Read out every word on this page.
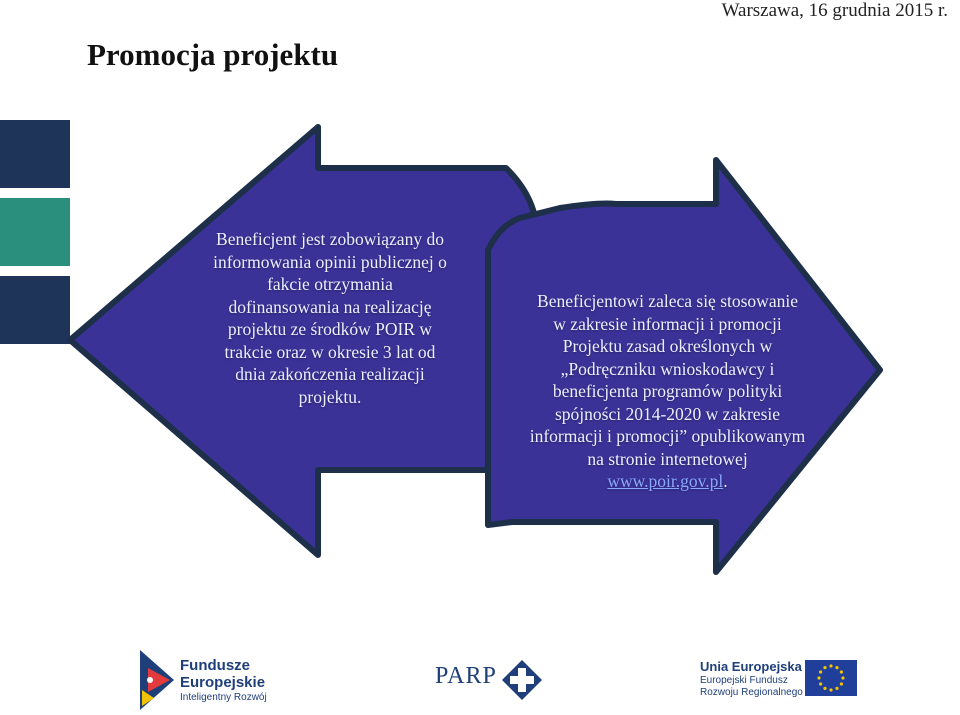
Warszawa, 16 grudnia 2015 r.
Promocja projektu
Beneficjent jest zobowiązany do
informowania opinii publicznej o
fakcie otrzymania
dofinansowania na realizację
projektu ze środków POIR w
trakcie oraz w okresie 3 lat od
dnia zakończenia realizacji
projektu.
Beneficjentowi zaleca się stosowanie
w zakresie informacji i promocji
Projektu zasad określonych w
„Podręczniku wnioskodawcy i
beneficjenta programów polityki
spójności 2014-2020 w zakresie
informacji i promocji” opublikowanym
na stronie internetowej
www.poir.gov.pl.
Fundusze
Europejskie
Inteligentny Rozwój
PARP	Unia Europejska
Europejski Fundusz
Rozwoju Regionalnego
